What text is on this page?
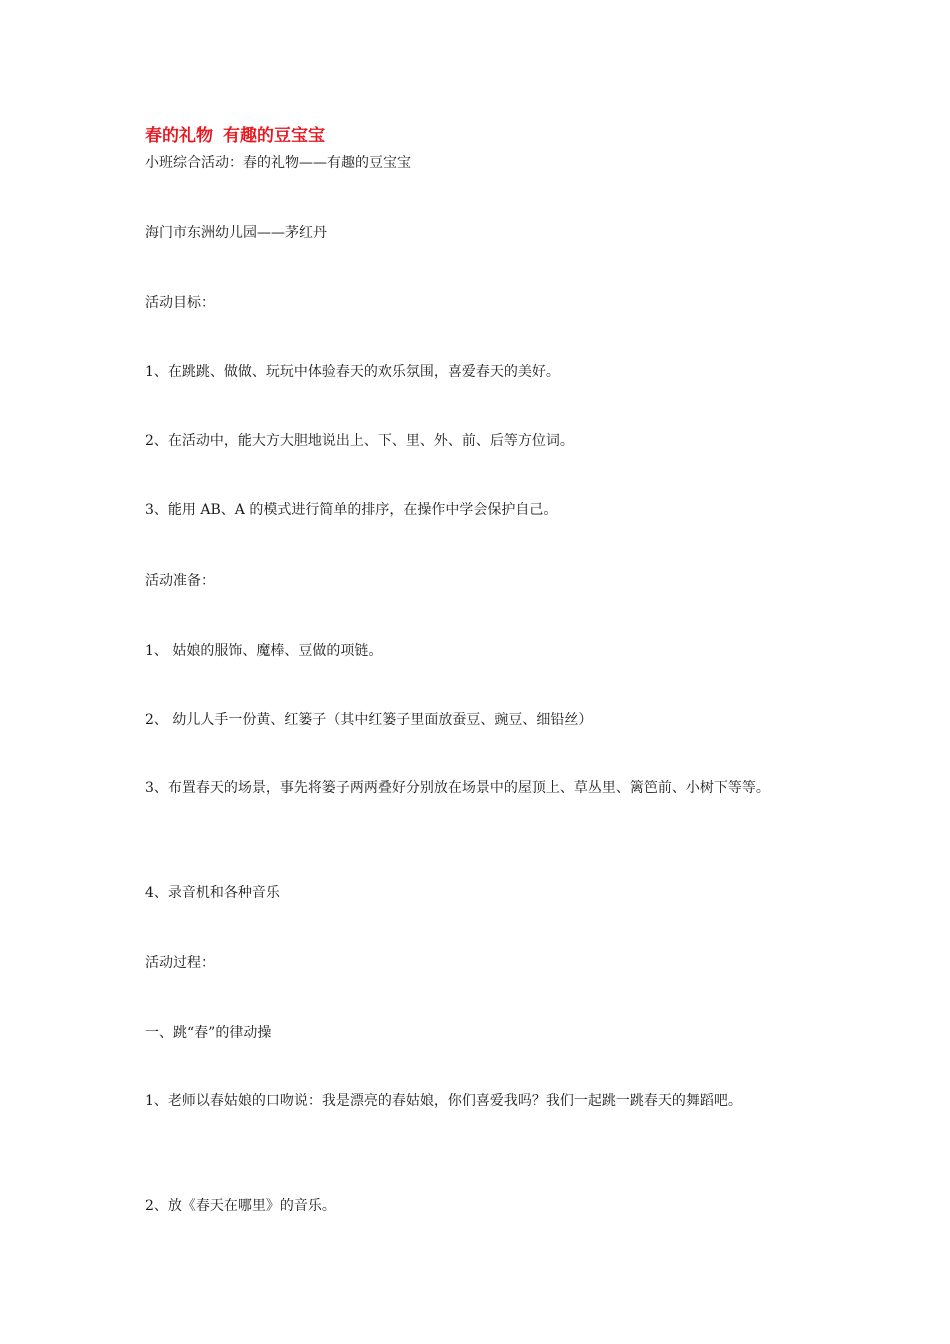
春的礼物 有趣的豆宝宝
小班综合活动：春的礼物——有趣的豆宝宝
海门市东洲幼儿园——茅红丹
活动目标：
1、在跳跳、做做、玩玩中体验春天的欢乐氛围，喜爱春天的美好。
2、在活动中，能大方大胆地说出上、下、里、外、前、后等方位词。
3、能用 AB、A 的模式进行简单的排序，在操作中学会保护自己。
活动准备：
1、 姑娘的服饰、魔棒、豆做的项链。
2、 幼儿人手一份黄、红篓子（其中红篓子里面放蚕豆、豌豆、细铅丝）
3、布置春天的场景，事先将篓子两两叠好分别放在场景中的屋顶上、草丛里、篱笆前、小树下等等。
4、录音机和各种音乐
活动过程：
一、跳“春”的律动操
1、老师以春姑娘的口吻说：我是漂亮的春姑娘，你们喜爱我吗？我们一起跳一跳春天的舞蹈吧。
2、放《春天在哪里》的音乐。
